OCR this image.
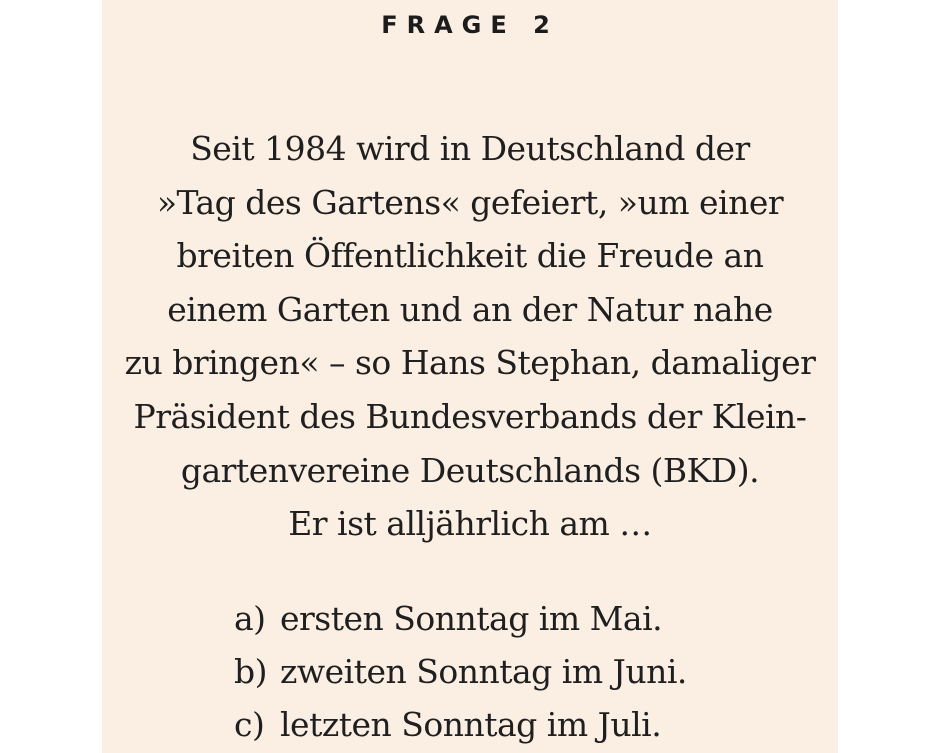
FRAGE 2
Seit 1984 wird in Deutschland der
»Tag des Gartens« gefeiert, »um einer
breiten Öffentlichkeit die Freude an
einem Garten und an der Natur nahe
zu bringen« – so Hans Stephan, damaliger
Präsident des Bundesverbands der Klein-
gartenvereine Deutschlands (BKD).
Er ist alljährlich am …
a) ersten Sonntag im Mai.
b) zweiten Sonntag im Juni.
c) letzten Sonntag im Juli.
